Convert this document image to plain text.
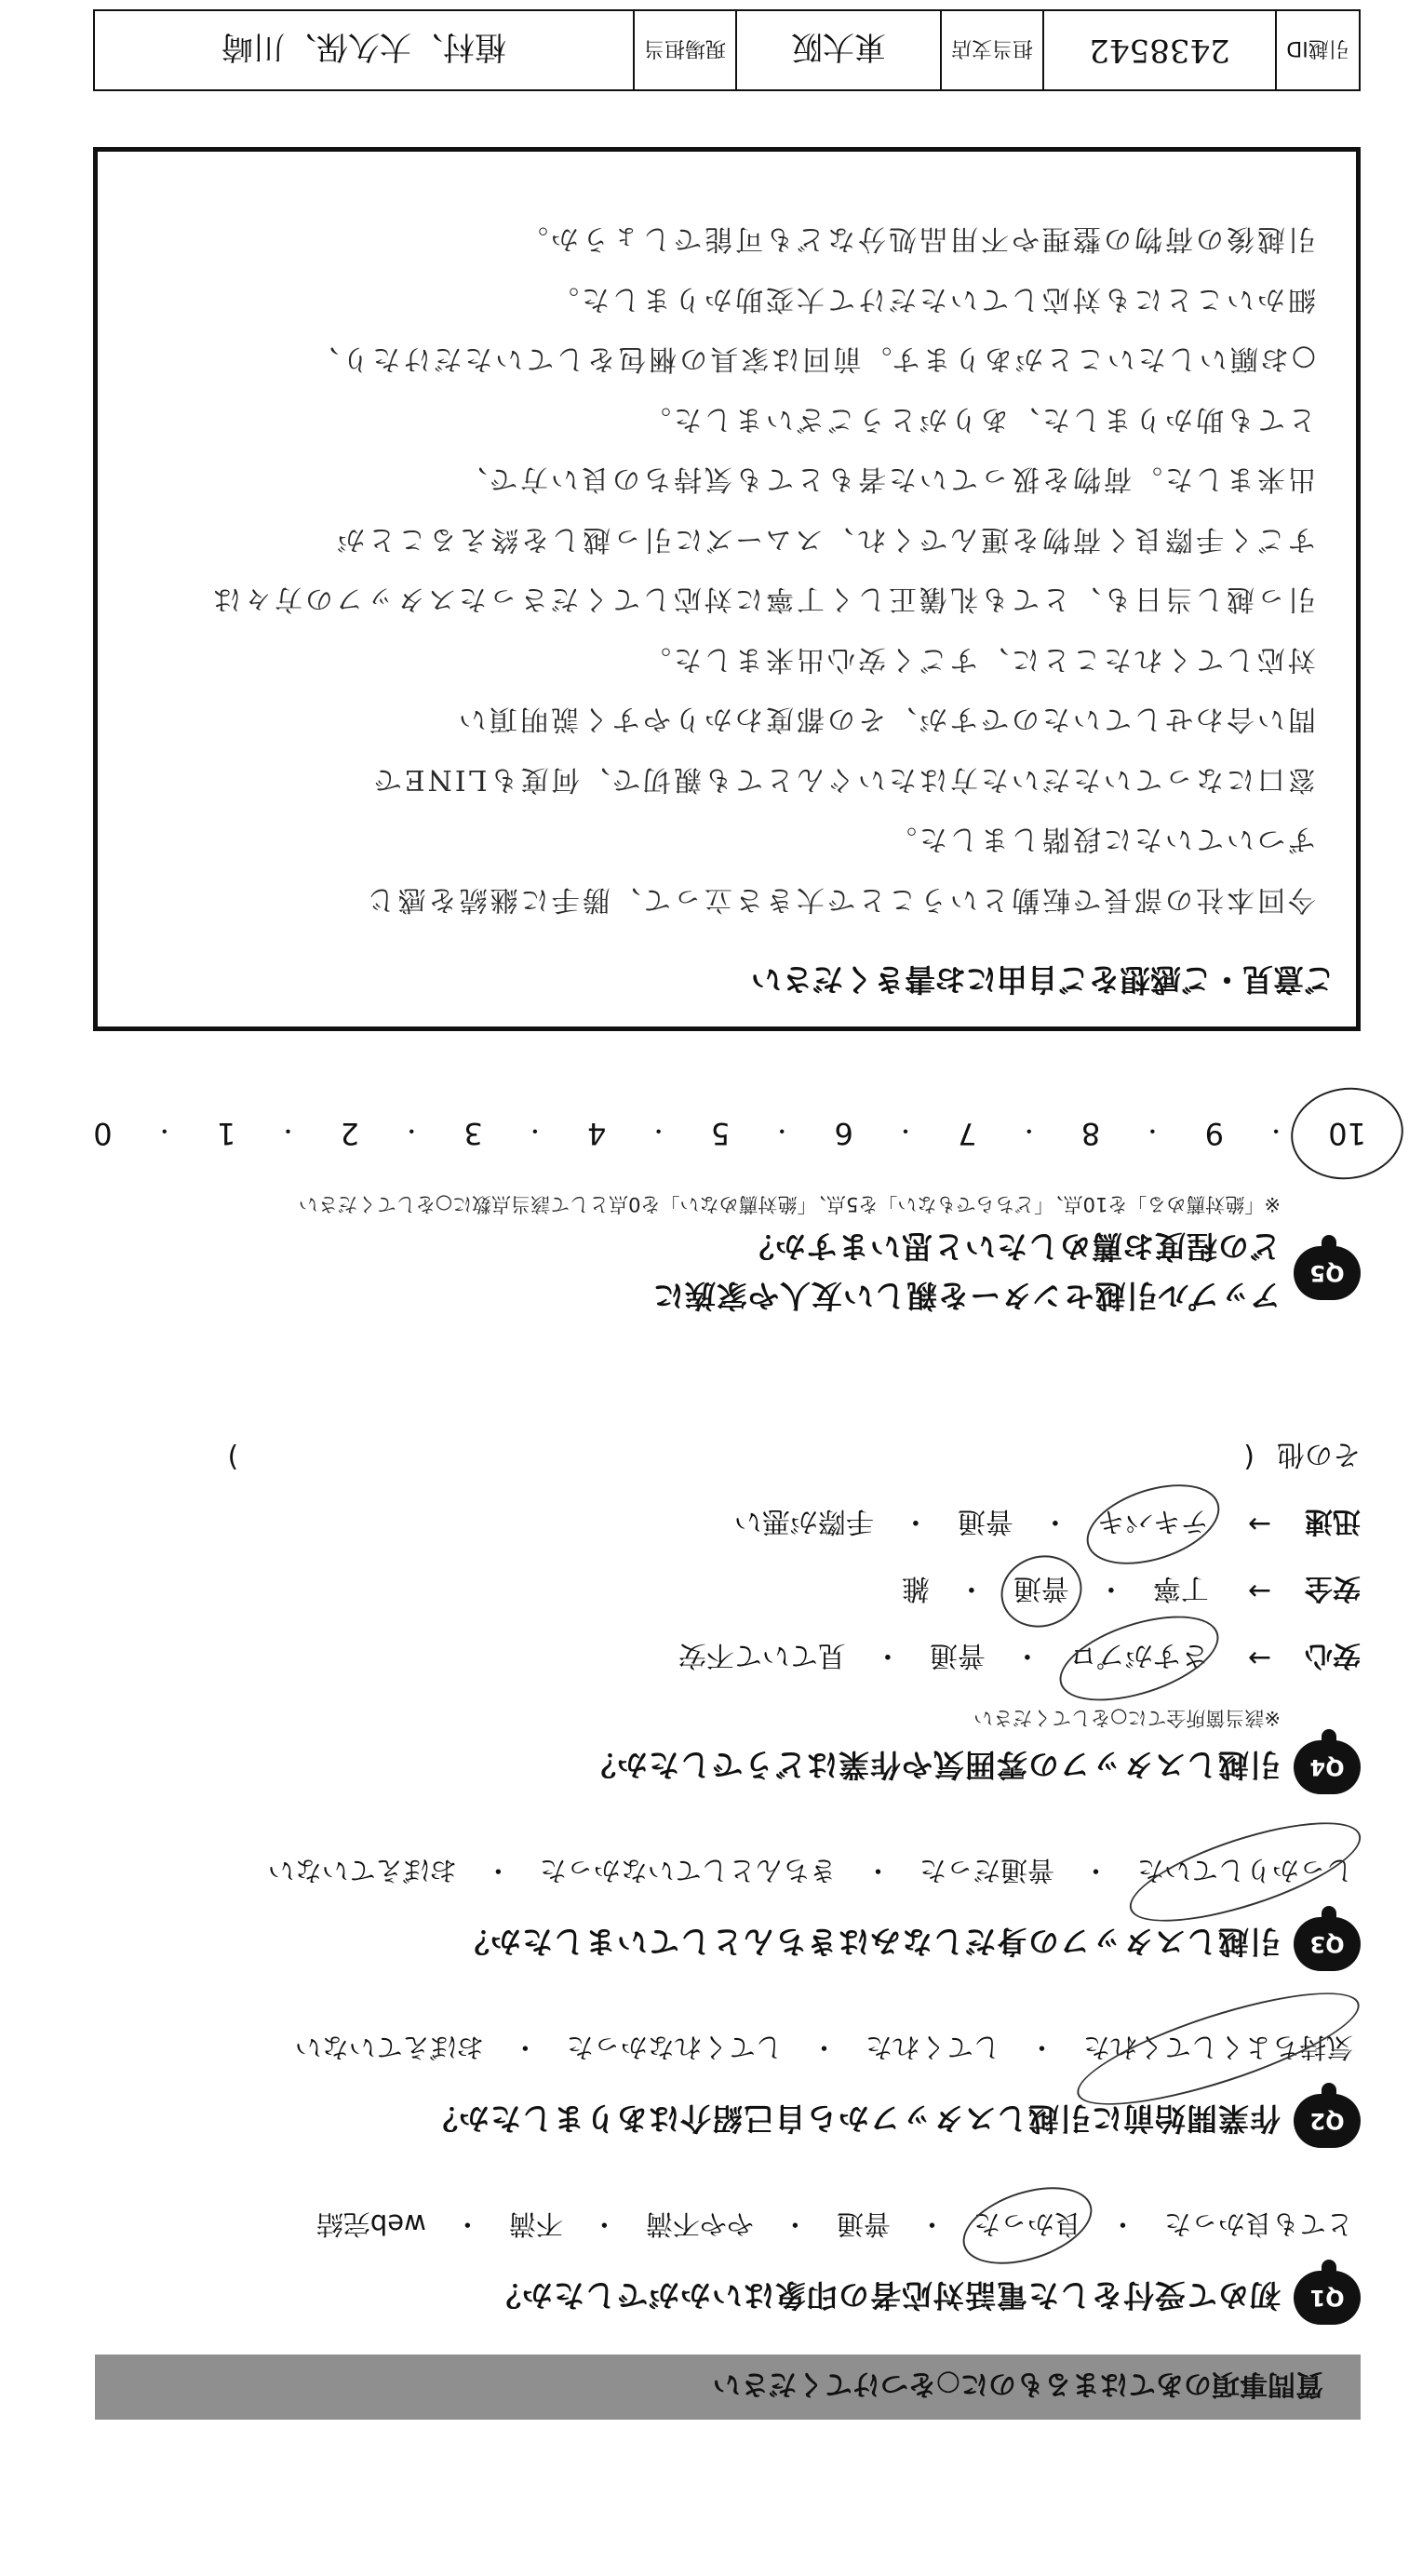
質問事項のあてはまるものに○をつけてください
Q1
初めて受付をした電話対応者の印象はいかがでしたか？
とても良かった
・
良かった
・
普通
・
やや不満
・
不満
・
web完結
Q2
作業開始前に引越しスタッフから自己紹介はありましたか？
気持ちよくしてくれた
・
してくれた
・
してくれなかった
・
おぼえていない
Q3
引越しスタッフの身だしなみはきちんとしていましたか？
しっかりしていた
・
普通だった
・
きちんとしていなかった
・
おぼえていない
Q4
引越しスタッフの雰囲気や作業はどうでしたか？
※該当箇所全てに○をしてください
安心
→
さすがプロ
・
普通
・
見ていて不安
安全
→
丁寧
・
普通
・
雑
迅速
→
テキパキ
・
普通
・
手際が悪い
その他
(
)
Q5
アップル引越センターを親しい友人や家族に
どの程度お薦めしたいと思いますか？
※「絶対薦める」を10点、「どちらでもない」を5点、「絶対薦めない」を0点として該当点数に○をしてください
10
・
9
・
8
・
7
・
6
・
5
・
4
・
3
・
2
・
1
・
0
ご意見・ご感想をご自由にお書きください
今回本社の部長で転勤ということで大きさ立って、勝手に継続を感じ
ずついていたに段階しました。
窓口になっていただいた方はたいぐんとても親切で、何度もLINEで
問い合わせしていたのですが、その都度わかりやすく説明頂い
対応してくれたことに、すごく安心出来ました。
引っ越し当日も、とても礼儀正しく丁寧に対応してくださったスタッフの方々は
すごく手際良く荷物を運んでくれ、スムーズに引っ越しを終えることが
出来ました。荷物を扱っていた者もとても気持ちの良い方で、
とても助かりました、ありがとうございました。
○お願いしたいことがあります。前回は家具の梱包をしていただけたり、
細かいことにも対応していただけて大変助かりました。
引越後の荷物の整理や不用品処分なども可能でしょうか。
引越ID
2438542
担当支店
東大阪
現場担当
植村、大久保、川崎
